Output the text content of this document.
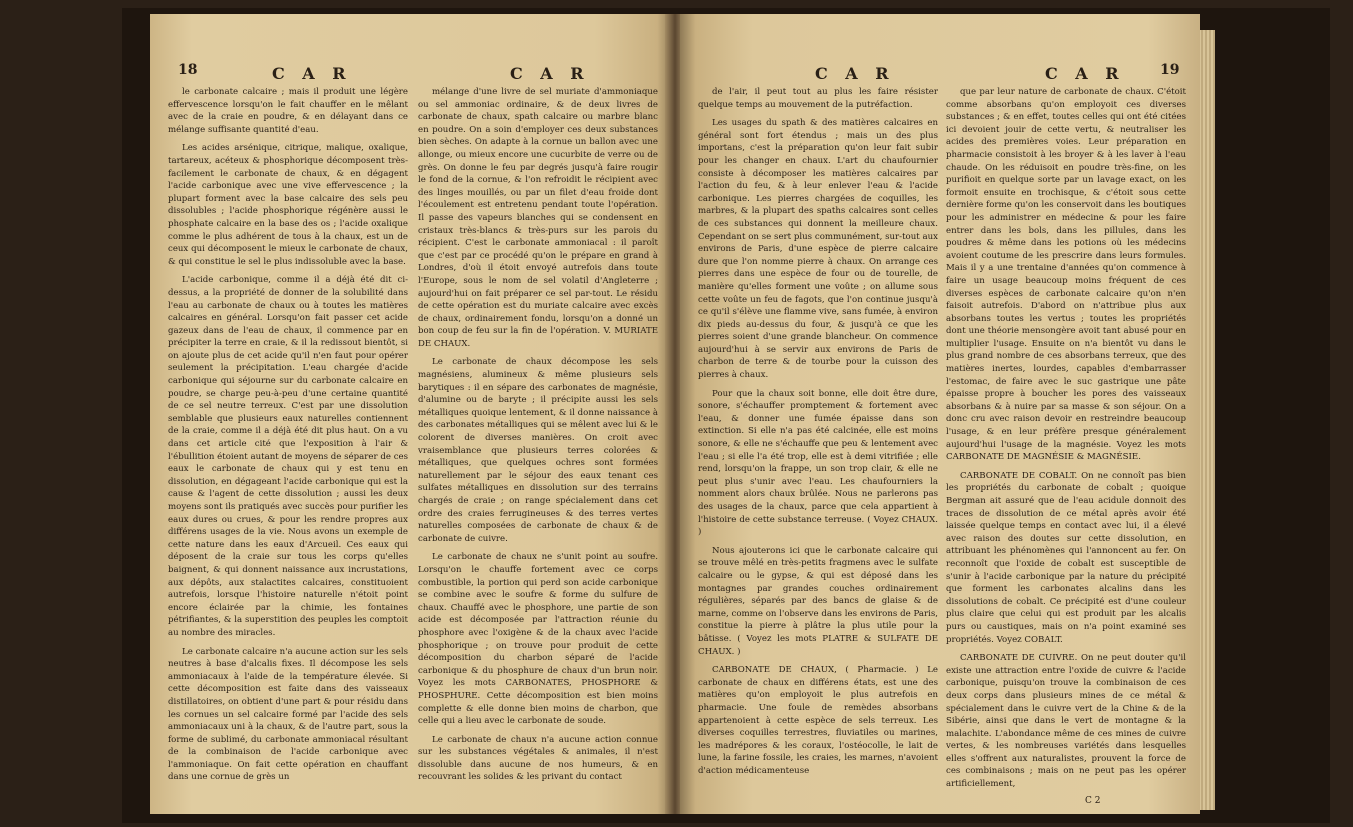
18	C A R	C A R

le carbonate calcaire ; mais il produit une légère effervescence lorsqu'on le fait chauffer en le mêlant avec de la craie en poudre, & en délayant dans ce mélange suffisante quantité d'eau.

Les acides arsénique, citrique, malique, oxalique, tartareux, acéteux & phosphorique décomposent très-facilement le carbonate de chaux, & en dégagent l'acide carbonique avec une vive effervescence ; la plupart forment avec la base calcaire des sels peu dissolubles ; l'acide phosphorique régénère aussi le phosphate calcaire en la base des os ; l'acide oxalique comme le plus adhérent de tous à la chaux, est un de ceux qui décomposent le mieux le carbonate de chaux, & qui constitue le sel le plus indissoluble avec la base.

L'acide carbonique, comme il a déjà été dit ci-dessus, a la propriété de donner de la solubilité dans l'eau au carbonate de chaux ou à toutes les matières calcaires en général. Lorsqu'on fait passer cet acide gazeux dans de l'eau de chaux, il commence par en précipiter la terre en craie, & il la redissout bientôt, si on ajoute plus de cet acide qu'il n'en faut pour opérer seulement la précipitation. L'eau chargée d'acide carbonique qui séjourne sur du carbonate calcaire en poudre, se charge peu-à-peu d'une certaine quantité de ce sel neutre terreux. C'est par une dissolution semblable que plusieurs eaux naturelles contiennent de la craie, comme il a déjà été dit plus haut. On a vu dans cet article cité que l'exposition à l'air & l'ébullition étoient autant de moyens de séparer de ces eaux le carbonate de chaux qui y est tenu en dissolution, en dégageant l'acide carbonique qui est la cause & l'agent de cette dissolution ; aussi les deux moyens sont ils pratiqués avec succès pour purifier les eaux dures ou crues, & pour les rendre propres aux différens usages de la vie. Nous avons un exemple de cette nature dans les eaux d'Arcueil. Ces eaux qui déposent de la craie sur tous les corps qu'elles baignent, & qui donnent naissance aux incrustations, aux dépôts, aux stalactites calcaires, constituoient autrefois, lorsque l'histoire naturelle n'étoit point encore éclairée par la chimie, les fontaines pétrifiantes, & la superstition des peuples les comptoit au nombre des miracles.

Le carbonate calcaire n'a aucune action sur les sels neutres à base d'alcalis fixes. Il décompose les sels ammoniacaux à l'aide de la température élevée. Si cette décomposition est faite dans des vaisseaux distillatoires, on obtient d'une part & pour résidu dans les cornues un sel calcaire formé par l'acide des sels ammoniacaux uni à la chaux, & de l'autre part, sous la forme de sublimé, du carbonate ammoniacal résultant de la combinaison de l'acide carbonique avec l'ammoniaque. On fait cette opération en chauffant dans une cornue de grès un

mélange d'une livre de sel muriate d'ammoniaque ou sel ammoniac ordinaire, & de deux livres de carbonate de chaux, spath calcaire ou marbre blanc en poudre. On a soin d'employer ces deux substances bien sèches. On adapte à la cornue un ballon avec une allonge, ou mieux encore une cucurbite de verre ou de grès. On donne le feu par degrés jusqu'à faire rougir le fond de la cornue, & l'on refroidit le récipient avec des linges mouillés, ou par un filet d'eau froide dont l'écoulement est entretenu pendant toute l'opération. Il passe des vapeurs blanches qui se condensent en cristaux très-blancs & très-purs sur les parois du récipient. C'est le carbonate ammoniacal : il paroît que c'est par ce procédé qu'on le prépare en grand à Londres, d'où il étoit envoyé autrefois dans toute l'Europe, sous le nom de sel volatil d'Angleterre ; aujourd'hui on fait préparer ce sel par-tout. Le résidu de cette opération est du muriate calcaire avec excès de chaux, ordinairement fondu, lorsqu'on a donné un bon coup de feu sur la fin de l'opération. V. MURIATE DE CHAUX.

Le carbonate de chaux décompose les sels magnésiens, alumineux & même plusieurs sels barytiques : il en sépare des carbonates de magnésie, d'alumine ou de baryte ; il précipite aussi les sels métalliques quoique lentement, & il donne naissance à des carbonates métalliques qui se mêlent avec lui & le colorent de diverses manières. On croit avec vraisemblance que plusieurs terres colorées & métalliques, que quelques ochres sont formées naturellement par le séjour des eaux tenant ces sulfates métalliques en dissolution sur des terrains chargés de craie ; on range spécialement dans cet ordre des craies ferrugineuses & des terres vertes naturelles composées de carbonate de chaux & de carbonate de cuivre.

Le carbonate de chaux ne s'unit point au soufre. Lorsqu'on le chauffe fortement avec ce corps combustible, la portion qui perd son acide carbonique se combine avec le soufre & forme du sulfure de chaux. Chauffé avec le phosphore, une partie de son acide est décomposée par l'attraction réunie du phosphore avec l'oxigène & de la chaux avec l'acide phosphorique ; on trouve pour produit de cette décomposition du charbon séparé de l'acide carbonique & du phosphure de chaux d'un brun noir. Voyez les mots CARBONATES, PHOSPHORE & PHOSPHURE. Cette décomposition est bien moins complette & elle donne bien moins de charbon, que celle qui a lieu avec le carbonate de soude.

Le carbonate de chaux n'a aucune action connue sur les substances végétales & animales, il n'est dissoluble dans aucune de nos humeurs, & en recouvrant les solides & les privant du contact

C A R	C A R	19

de l'air, il peut tout au plus les faire résister quelque temps au mouvement de la putréfaction.

Les usages du spath & des matières calcaires en général sont fort étendus ; mais un des plus importans, c'est la préparation qu'on leur fait subir pour les changer en chaux. L'art du chaufournier consiste à décomposer les matières calcaires par l'action du feu, & à leur enlever l'eau & l'acide carbonique. Les pierres chargées de coquilles, les marbres, & la plupart des spaths calcaires sont celles de ces substances qui donnent la meilleure chaux. Cependant on se sert plus communément, sur-tout aux environs de Paris, d'une espèce de pierre calcaire dure que l'on nomme pierre à chaux. On arrange ces pierres dans une espèce de four ou de tourelle, de manière qu'elles forment une voûte ; on allume sous cette voûte un feu de fagots, que l'on continue jusqu'à ce qu'il s'élève une flamme vive, sans fumée, à environ dix pieds au-dessus du four, & jusqu'à ce que les pierres soient d'une grande blancheur. On commence aujourd'hui à se servir aux environs de Paris de charbon de terre & de tourbe pour la cuisson des pierres à chaux.

Pour que la chaux soit bonne, elle doit être dure, sonore, s'échauffer promptement & fortement avec l'eau, & donner une fumée épaisse dans son extinction. Si elle n'a pas été calcinée, elle est moins sonore, & elle ne s'échauffe que peu & lentement avec l'eau ; si elle l'a été trop, elle est à demi vitrifiée ; elle rend, lorsqu'on la frappe, un son trop clair, & elle ne peut plus s'unir avec l'eau. Les chaufourniers la nomment alors chaux brûlée. Nous ne parlerons pas des usages de la chaux, parce que cela appartient à l'histoire de cette substance terreuse. ( Voyez CHAUX. )

Nous ajouterons ici que le carbonate calcaire qui se trouve mêlé en très-petits fragmens avec le sulfate calcaire ou le gypse, & qui est déposé dans les montagnes par grandes couches ordinairement régulières, séparés par des bancs de glaise & de marne, comme on l'observe dans les environs de Paris, constitue la pierre à plâtre la plus utile pour la bâtisse. ( Voyez les mots PLATRE & SULFATE DE CHAUX. )

CARBONATE DE CHAUX, ( Pharmacie. ) Le carbonate de chaux en différens états, est une des matières qu'on employoit le plus autrefois en pharmacie. Une foule de remèdes absorbans appartenoient à cette espèce de sels terreux. Les diverses coquilles terrestres, fluviatiles ou marines, les madrépores & les coraux, l'ostéocolle, le lait de lune, la farine fossile, les craies, les marnes, n'avoient d'action médicamenteuse

que par leur nature de carbonate de chaux. C'étoit comme absorbans qu'on employoit ces diverses substances ; & en effet, toutes celles qui ont été citées ici devoient jouir de cette vertu, & neutraliser les acides des premières voies. Leur préparation en pharmacie consistoit à les broyer & à les laver à l'eau chaude. On les réduisoit en poudre très-fine, on les purifioit en quelque sorte par un lavage exact, on les formoit ensuite en trochisque, & c'étoit sous cette dernière forme qu'on les conservoit dans les boutiques pour les administrer en médecine & pour les faire entrer dans les bols, dans les pillules, dans les poudres & même dans les potions où les médecins avoient coutume de les prescrire dans leurs formules. Mais il y a une trentaine d'années qu'on commence à faire un usage beaucoup moins fréquent de ces diverses espèces de carbonate calcaire qu'on n'en faisoit autrefois. D'abord on n'attribue plus aux absorbans toutes les vertus ; toutes les propriétés dont une théorie mensongère avoit tant abusé pour en multiplier l'usage. Ensuite on n'a bientôt vu dans le plus grand nombre de ces absorbans terreux, que des matières inertes, lourdes, capables d'embarrasser l'estomac, de faire avec le suc gastrique une pâte épaisse propre à boucher les pores des vaisseaux absorbans & à nuire par sa masse & son séjour. On a donc cru avec raison devoir en restreindre beaucoup l'usage, & en leur préfère presque généralement aujourd'hui l'usage de la magnésie. Voyez les mots CARBONATE DE MAGNÉSIE & MAGNÉSIE.

CARBONATE DE COBALT. On ne connoît pas bien les propriétés du carbonate de cobalt ; quoique Bergman ait assuré que de l'eau acidule donnoit des traces de dissolution de ce métal après avoir été laissée quelque temps en contact avec lui, il a élevé avec raison des doutes sur cette dissolution, en attribuant les phénomènes qui l'annoncent au fer. On reconnoît que l'oxide de cobalt est susceptible de s'unir à l'acide carbonique par la nature du précipité que forment les carbonates alcalins dans les dissolutions de cobalt. Ce précipité est d'une couleur plus claire que celui qui est produit par les alcalis purs ou caustiques, mais on n'a point examiné ses propriétés. Voyez COBALT.

CARBONATE DE CUIVRE. On ne peut douter qu'il existe une attraction entre l'oxide de cuivre & l'acide carbonique, puisqu'on trouve la combinaison de ces deux corps dans plusieurs mines de ce métal & spécialement dans le cuivre vert de la Chine & de la Sibérie, ainsi que dans le vert de montagne & la malachite. L'abondance même de ces mines de cuivre vertes, & les nombreuses variétés dans lesquelles elles s'offrent aux naturalistes, prouvent la force de ces combinaisons ; mais on ne peut pas les opérer artificiellement,

C 2
